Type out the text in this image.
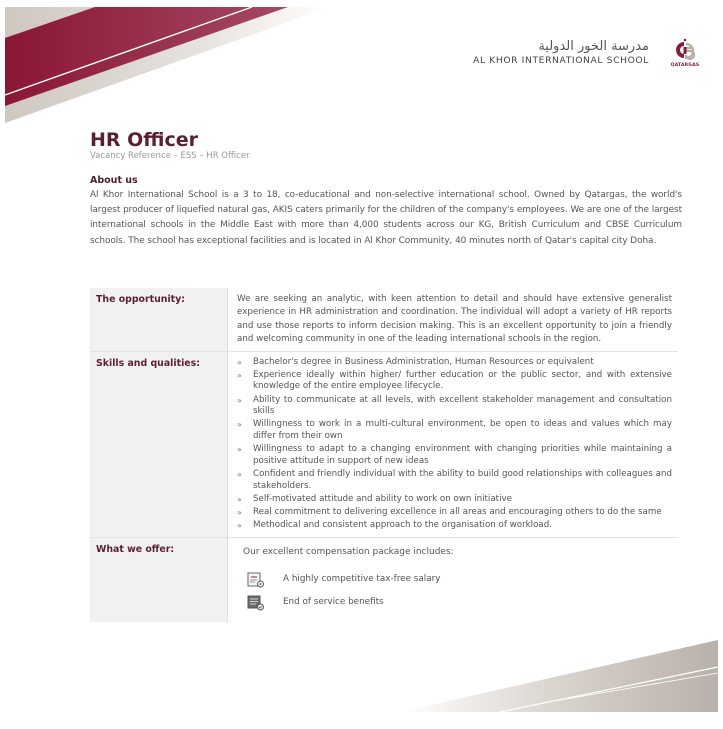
مدرسة الخور الدولية
AL KHOR INTERNATIONAL SCHOOL	QATARGAS
HR Officer
Vacancy Reference – ESS – HR Officer
About us
Al Khor International School is a 3 to 18, co-educational and non-selective international school. Owned by Qatargas, the world's largest producer of liquefied natural gas, AKIS caters primarily for the children of the company's employees. We are one of the largest international schools in the Middle East with more than 4,000 students across our KG, British Curriculum and CBSE Curriculum schools. The school has exceptional facilities and is located in Al Khor Community, 40 minutes north of Qatar's capital city Doha.
The opportunity:	We are seeking an analytic, with keen attention to detail and should have extensive generalist experience in HR administration and coordination. The individual will adopt a variety of HR reports and use those reports to inform decision making. This is an excellent opportunity to join a friendly and welcoming community in one of the leading international schools in the region.
Skills and qualities:	» Bachelor's degree in Business Administration, Human Resources or equivalent
» Experience ideally within higher/ further education or the public sector, and with extensive knowledge of the entire employee lifecycle.
» Ability to communicate at all levels, with excellent stakeholder management and consultation skills
» Willingness to work in a multi-cultural environment, be open to ideas and values which may differ from their own
» Willingness to adapt to a changing environment with changing priorities while maintaining a positive attitude in support of new ideas
» Confident and friendly individual with the ability to build good relationships with colleagues and stakeholders.
» Self-motivated attitude and ability to work on own initiative
» Real commitment to delivering excellence in all areas and encouraging others to do the same
» Methodical and consistent approach to the organisation of workload.

What we offer:	Our excellent compensation package includes:
A highly competitive tax-free salary
End of service benefits
